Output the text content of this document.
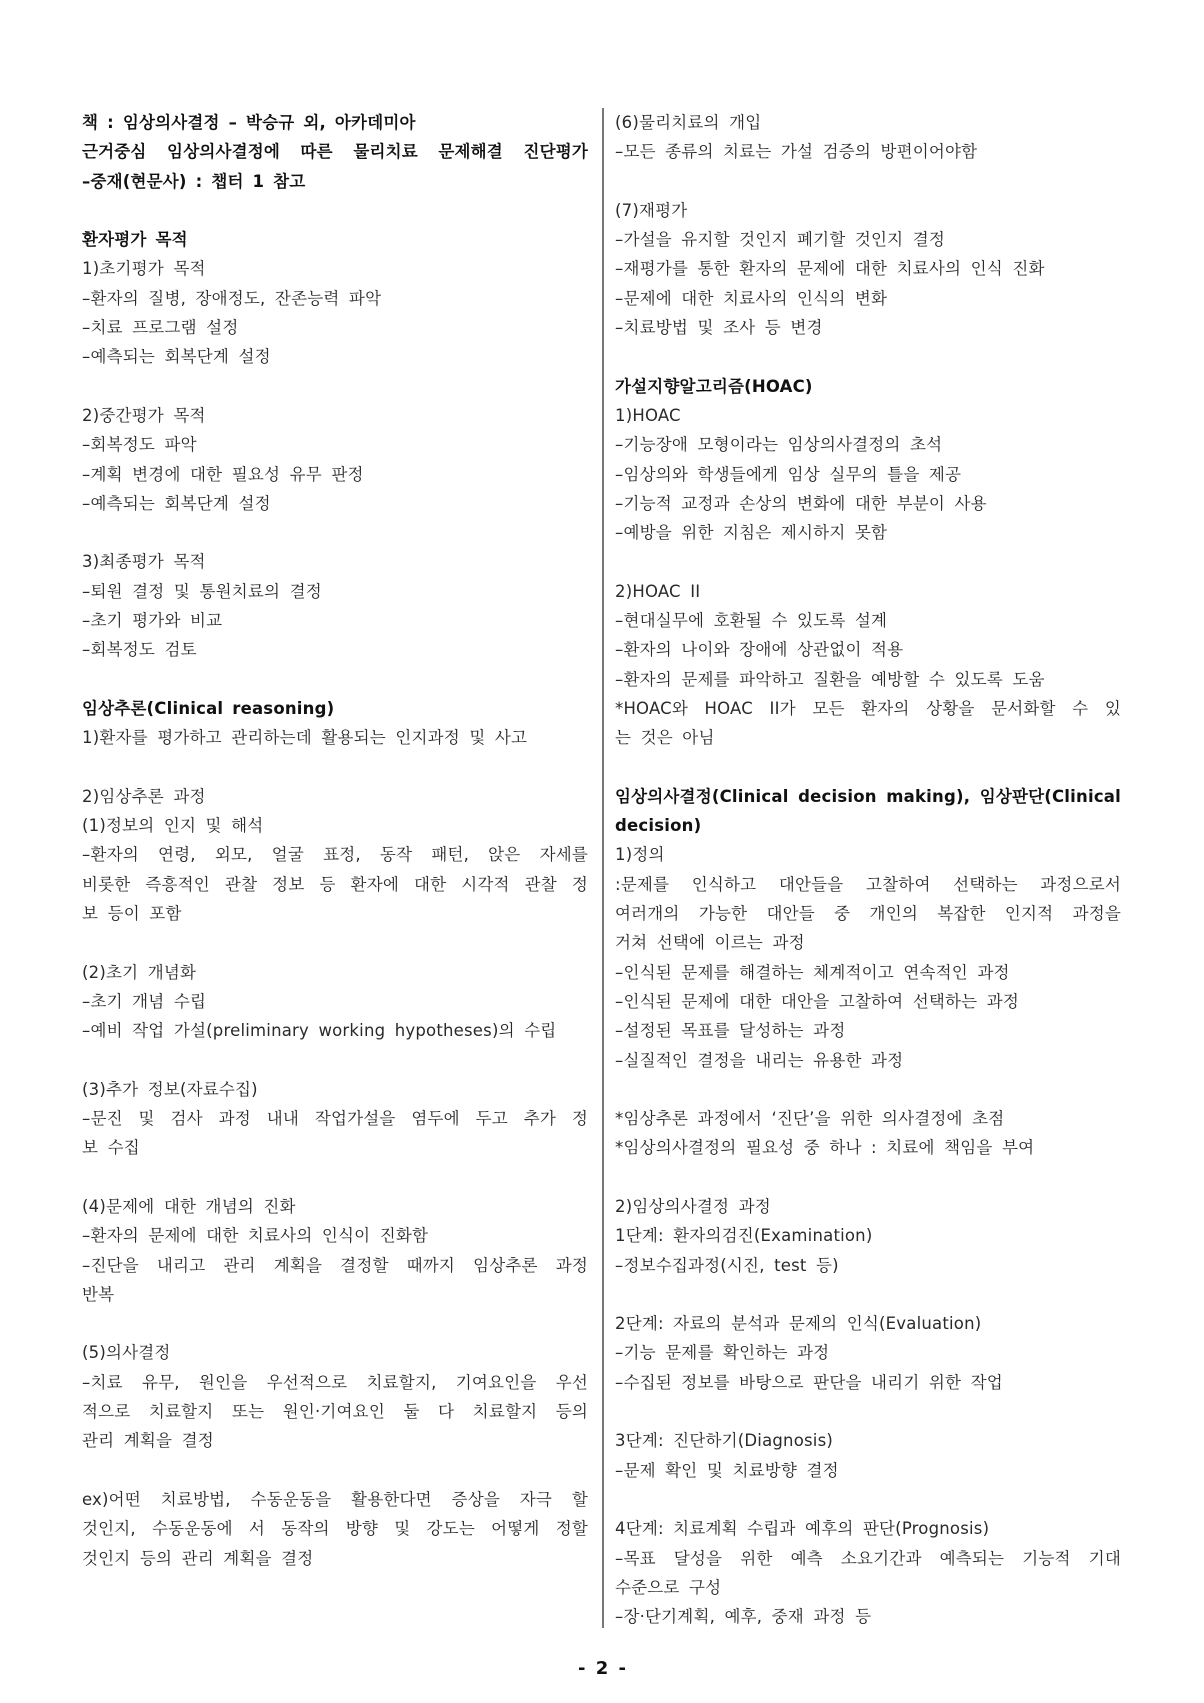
책 : 임상의사결정 – 박승규 외, 아카데미아
근거중심 임상의사결정에 따른 물리치료 문제해결 진단평가
–중재(현문사) : 챕터 1 참고
환자평가 목적
1)초기평가 목적
–환자의 질병, 장애정도, 잔존능력 파악
–치료 프로그램 설정
–예측되는 회복단계 설정
2)중간평가 목적
–회복정도 파악
–계획 변경에 대한 필요성 유무 판정
–예측되는 회복단계 설정
3)최종평가 목적
–퇴원 결정 및 통원치료의 결정
–초기 평가와 비교
–회복정도 검토
임상추론(Clinical reasoning)
1)환자를 평가하고 관리하는데 활용되는 인지과정 및 사고
2)임상추론 과정
(1)정보의 인지 및 해석
–환자의 연령, 외모, 얼굴 표정, 동작 패턴, 앉은 자세를
비롯한 즉흥적인 관찰 정보 등 환자에 대한 시각적 관찰 정
보 등이 포함
(2)초기 개념화
–초기 개념 수립
–예비 작업 가설(preliminary working hypotheses)의 수립
(3)추가 정보(자료수집)
–문진 및 검사 과정 내내 작업가설을 염두에 두고 추가 정
보 수집
(4)문제에 대한 개념의 진화
–환자의 문제에 대한 치료사의 인식이 진화함
–진단을 내리고 관리 계획을 결정할 때까지 임상추론 과정
반복
(5)의사결정
–치료 유무, 원인을 우선적으로 치료할지, 기여요인을 우선
적으로 치료할지 또는 원인·기여요인 둘 다 치료할지 등의
관리 계획을 결정
ex)어떤 치료방법, 수동운동을 활용한다면 증상을 자극 할
것인지, 수동운동에 서 동작의 방향 및 강도는 어떻게 정할
것인지 등의 관리 계획을 결정
(6)물리치료의 개입
–모든 종류의 치료는 가설 검증의 방편이어야함
(7)재평가
–가설을 유지할 것인지 폐기할 것인지 결정
–재평가를 통한 환자의 문제에 대한 치료사의 인식 진화
–문제에 대한 치료사의 인식의 변화
–치료방법 및 조사 등 변경
가설지향알고리즘(HOAC)
1)HOAC
–기능장애 모형이라는 임상의사결정의 초석
–임상의와 학생들에게 임상 실무의 틀을 제공
–기능적 교정과 손상의 변화에 대한 부분이 사용
–예방을 위한 지침은 제시하지 못함
2)HOAC II
–현대실무에 호환될 수 있도록 설계
–환자의 나이와 장애에 상관없이 적용
–환자의 문제를 파악하고 질환을 예방할 수 있도록 도움
*HOAC와 HOAC II가 모든 환자의 상황을 문서화할 수 있
는 것은 아님
임상의사결정(Clinical decision making), 임상판단(Clinical
decision)
1)정의
:문제를 인식하고 대안들을 고찰하여 선택하는 과정으로서
여러개의 가능한 대안들 중 개인의 복잡한 인지적 과정을
거쳐 선택에 이르는 과정
–인식된 문제를 해결하는 체계적이고 연속적인 과정
–인식된 문제에 대한 대안을 고찰하여 선택하는 과정
–설정된 목표를 달성하는 과정
–실질적인 결정을 내리는 유용한 과정
*임상추론 과정에서 ‘진단’을 위한 의사결정에 초점
*임상의사결정의 필요성 중 하나 : 치료에 책임을 부여
2)임상의사결정 과정
1단계: 환자의검진(Examination)
–정보수집과정(시진, test 등)
2단계: 자료의 분석과 문제의 인식(Evaluation)
–기능 문제를 확인하는 과정
–수집된 정보를 바탕으로 판단을 내리기 위한 작업
3단계: 진단하기(Diagnosis)
–문제 확인 및 치료방향 결정
4단계: 치료계획 수립과 예후의 판단(Prognosis)
–목표 달성을 위한 예측 소요기간과 예측되는 기능적 기대
수준으로 구성
–장·단기계획, 예후, 중재 과정 등
- 2 -
